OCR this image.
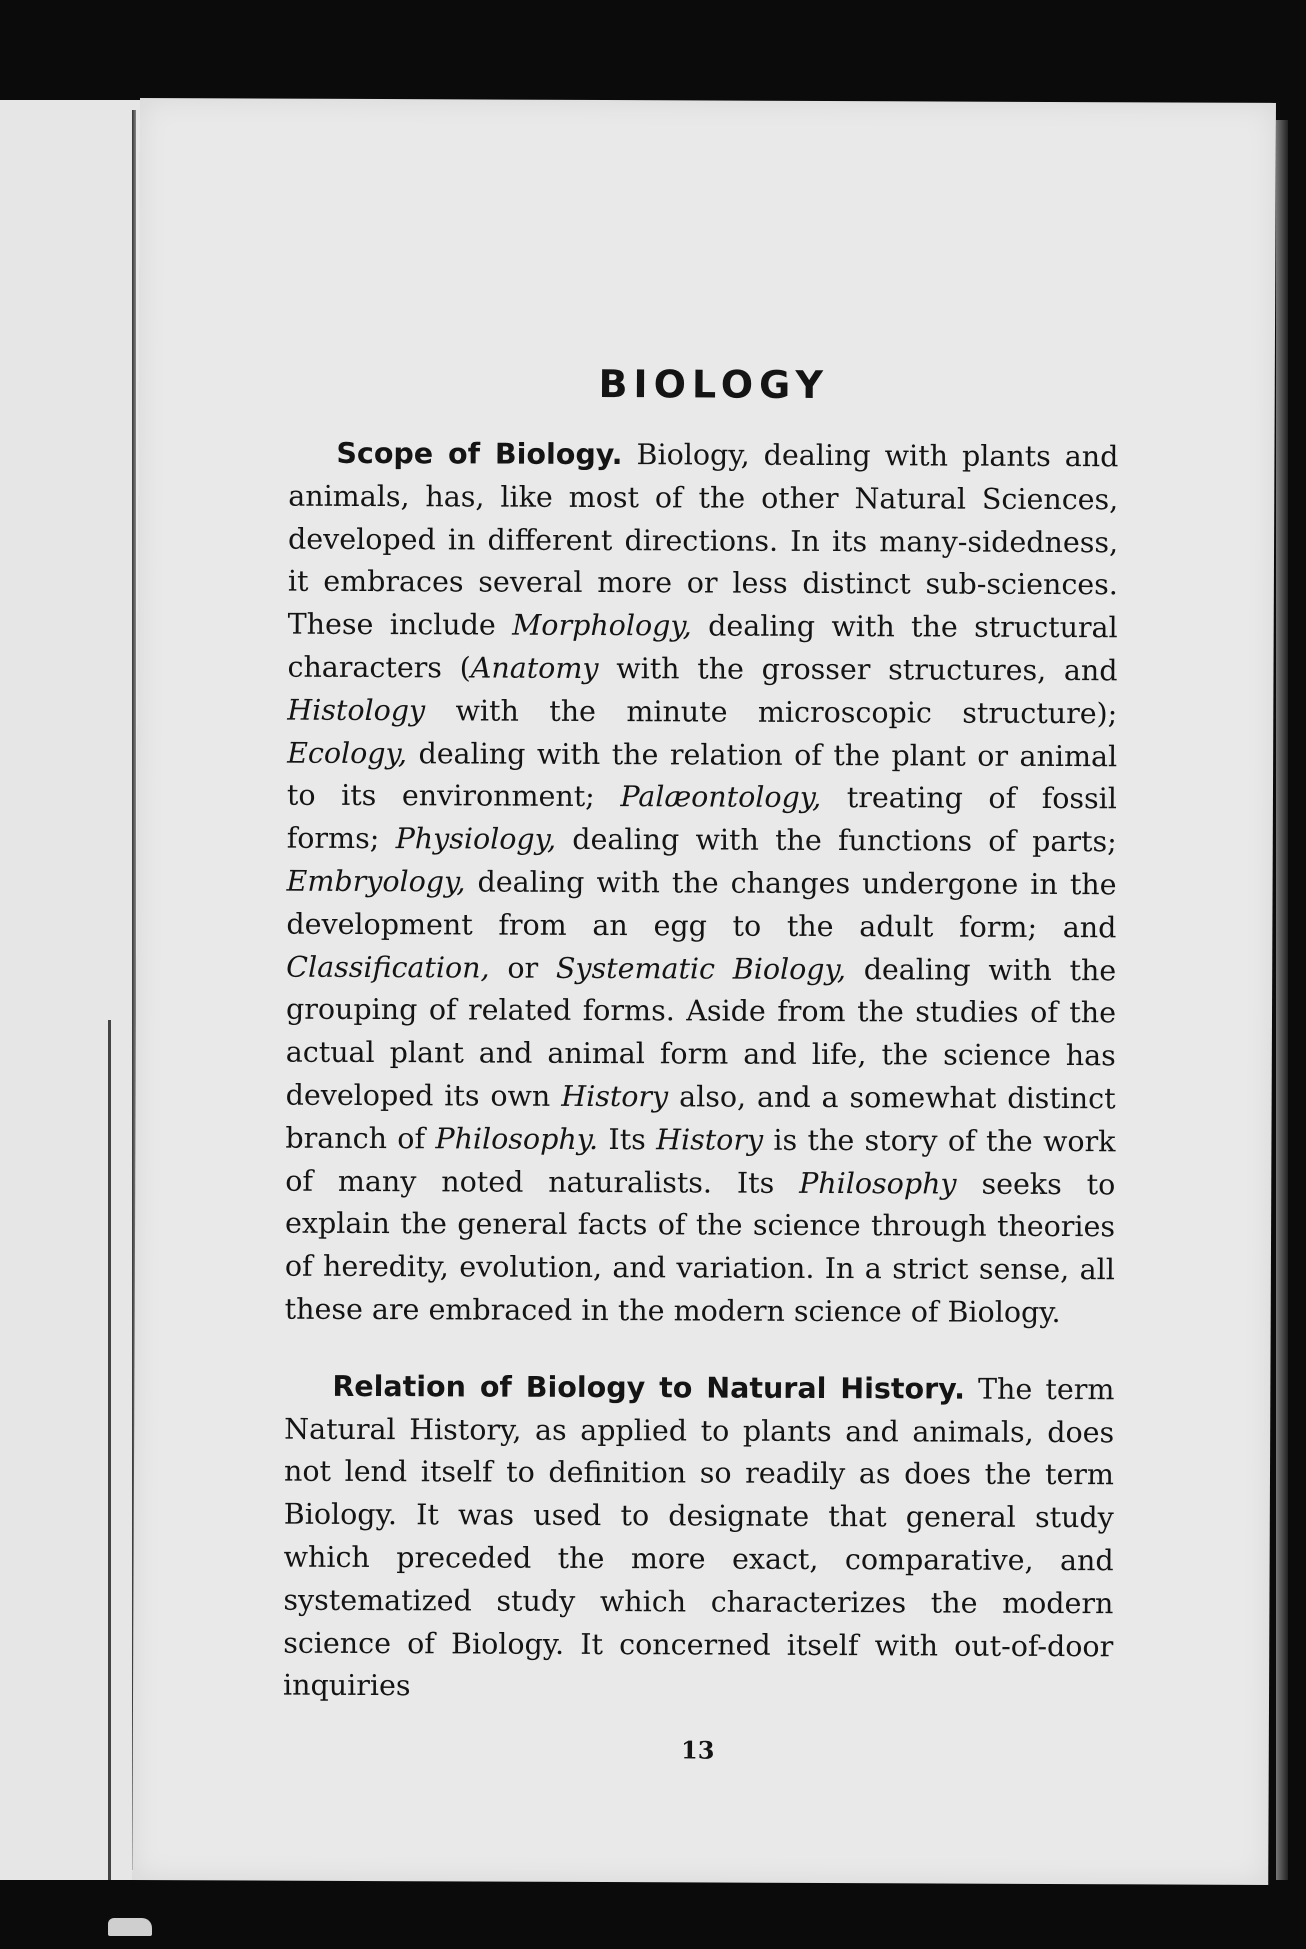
BIOLOGY

Scope of Biology. Biology, dealing with plants and animals, has, like most of the other Natural Sciences, developed in different directions. In its many-sidedness, it embraces several more or less distinct sub-sciences. These include Morphology, dealing with the structural characters (Anatomy with the grosser structures, and Histology with the minute microscopic structure); Ecology, dealing with the relation of the plant or animal to its environment; Palæontology, treating of fossil forms; Physiology, dealing with the functions of parts; Embryology, dealing with the changes undergone in the development from an egg to the adult form; and Classification, or Systematic Biology, dealing with the grouping of related forms. Aside from the studies of the actual plant and animal form and life, the science has developed its own History also, and a somewhat distinct branch of Philosophy. Its History is the story of the work of many noted naturalists. Its Philosophy seeks to explain the general facts of the science through theories of heredity, evolution, and variation. In a strict sense, all these are embraced in the modern science of Biology.

Relation of Biology to Natural History. The term Natural History, as applied to plants and animals, does not lend itself to definition so readily as does the term Biology. It was used to designate that general study which preceded the more exact, comparative, and systematized study which characterizes the modern science of Biology. It concerned itself with out-of-door inquiries

13
